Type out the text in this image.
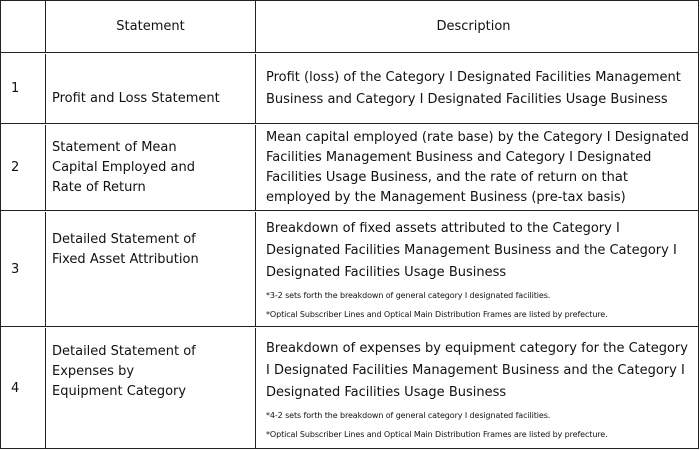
Statement	Description
1
Profit and Loss Statement
Profit (loss) of the Category I Designated Facilities Management Business and Category I Designated Facilities Usage Business
2
Statement of Mean Capital Employed and Rate of Return
Mean capital employed (rate base) by the Category I Designated Facilities Management Business and Category I Designated Facilities Usage Business, and the rate of return on that employed by the Management Business (pre-tax basis)
3
Detailed Statement of Fixed Asset Attribution
Breakdown of fixed assets attributed to the Category I Designated Facilities Management Business and the Category I Designated Facilities Usage Business
*3-2 sets forth the breakdown of general category I designated facilities.
*Optical Subscriber Lines and Optical Main Distribution Frames are listed by prefecture.
4
Detailed Statement of Expenses by Equipment Category
Breakdown of expenses by equipment category for the Category I Designated Facilities Management Business and the Category I Designated Facilities Usage Business
*4-2 sets forth the breakdown of general category I designated facilities.
*Optical Subscriber Lines and Optical Main Distribution Frames are listed by prefecture.
